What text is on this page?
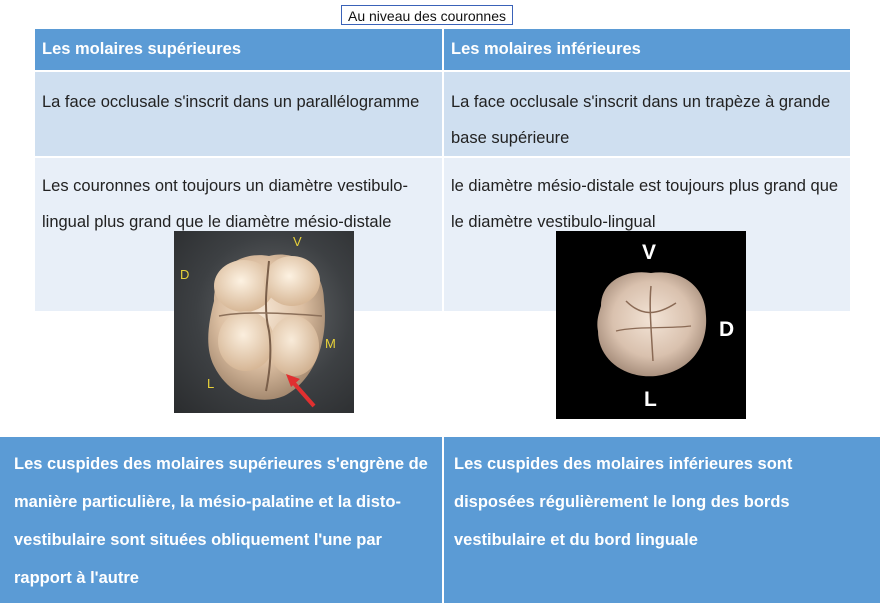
Au niveau des couronnes
Les molaires supérieures	Les molaires inférieures
La face occlusale s'inscrit dans un parallélogramme	La face occlusale s'inscrit dans un trapèze à grande base supérieure
Les couronnes ont toujours un diamètre vestibulo-lingual plus grand que le diamètre mésio-distale	le diamètre mésio-distale est toujours plus grand que le diamètre vestibulo-lingual
V
D
M
L
V
D
L
Les cuspides des molaires supérieures s'engrène de manière particulière, la mésio-palatine et la disto-vestibulaire sont situées obliquement l'une par rapport à l'autre	Les cuspides des molaires inférieures sont disposées régulièrement le long des bords vestibulaire et du bord linguale
